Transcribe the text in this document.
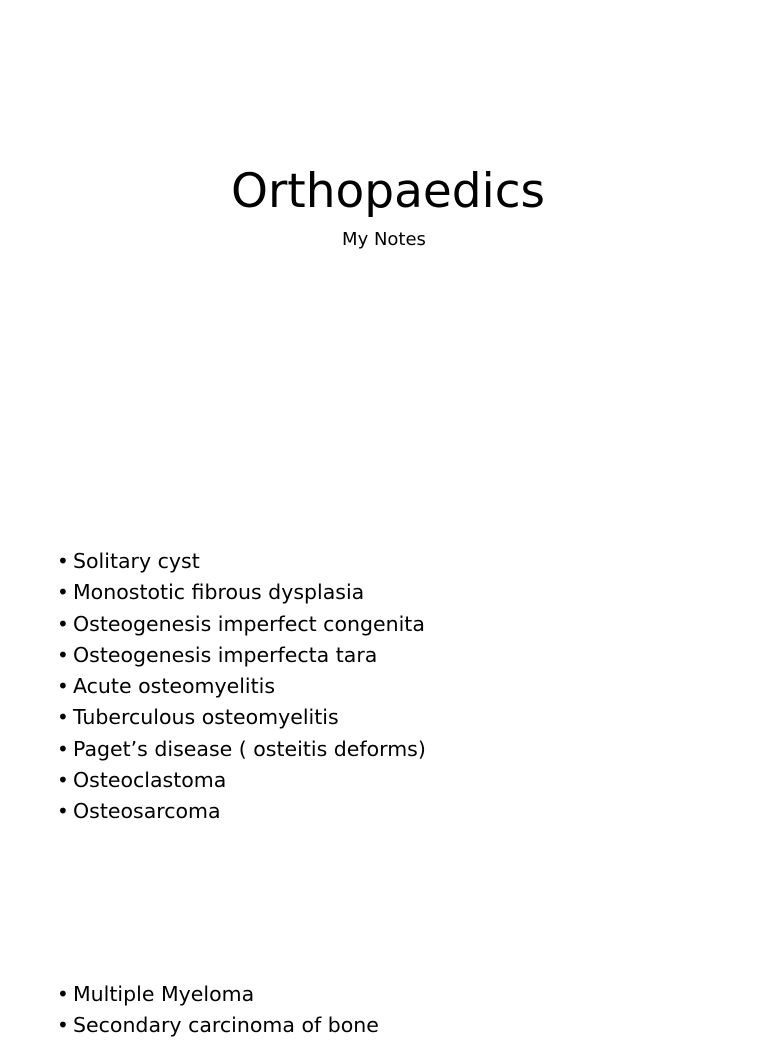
Orthopaedics

My Notes

• Solitary cyst
• Monostotic fibrous dysplasia
• Osteogenesis imperfect congenita
• Osteogenesis imperfecta tara
• Acute osteomyelitis
• Tuberculous osteomyelitis
• Paget’s disease ( osteitis deforms)
• Osteoclastoma
• Osteosarcoma
• Multiple Myeloma
• Secondary carcinoma of bone
